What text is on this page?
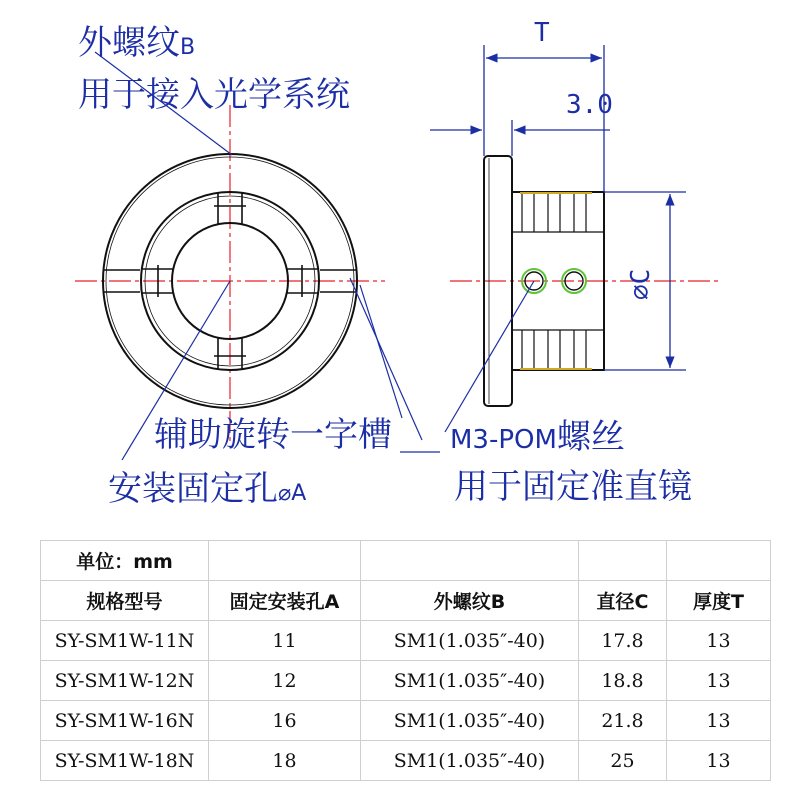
外螺纹B
用于接入光学系统
辅助旋转一字槽
安装固定孔⌀A
M3-POM螺丝
用于固定准直镜
T
3.0
⌀C
单位：mm				
规格型号	固定安装孔A	外螺纹B	直径C	厚度T
SY-SM1W-11N	11	SM1(1.035″-40)	17.8	13
SY-SM1W-12N	12	SM1(1.035″-40)	18.8	13
SY-SM1W-16N	16	SM1(1.035″-40)	21.8	13
SY-SM1W-18N	18	SM1(1.035″-40)	25	13
